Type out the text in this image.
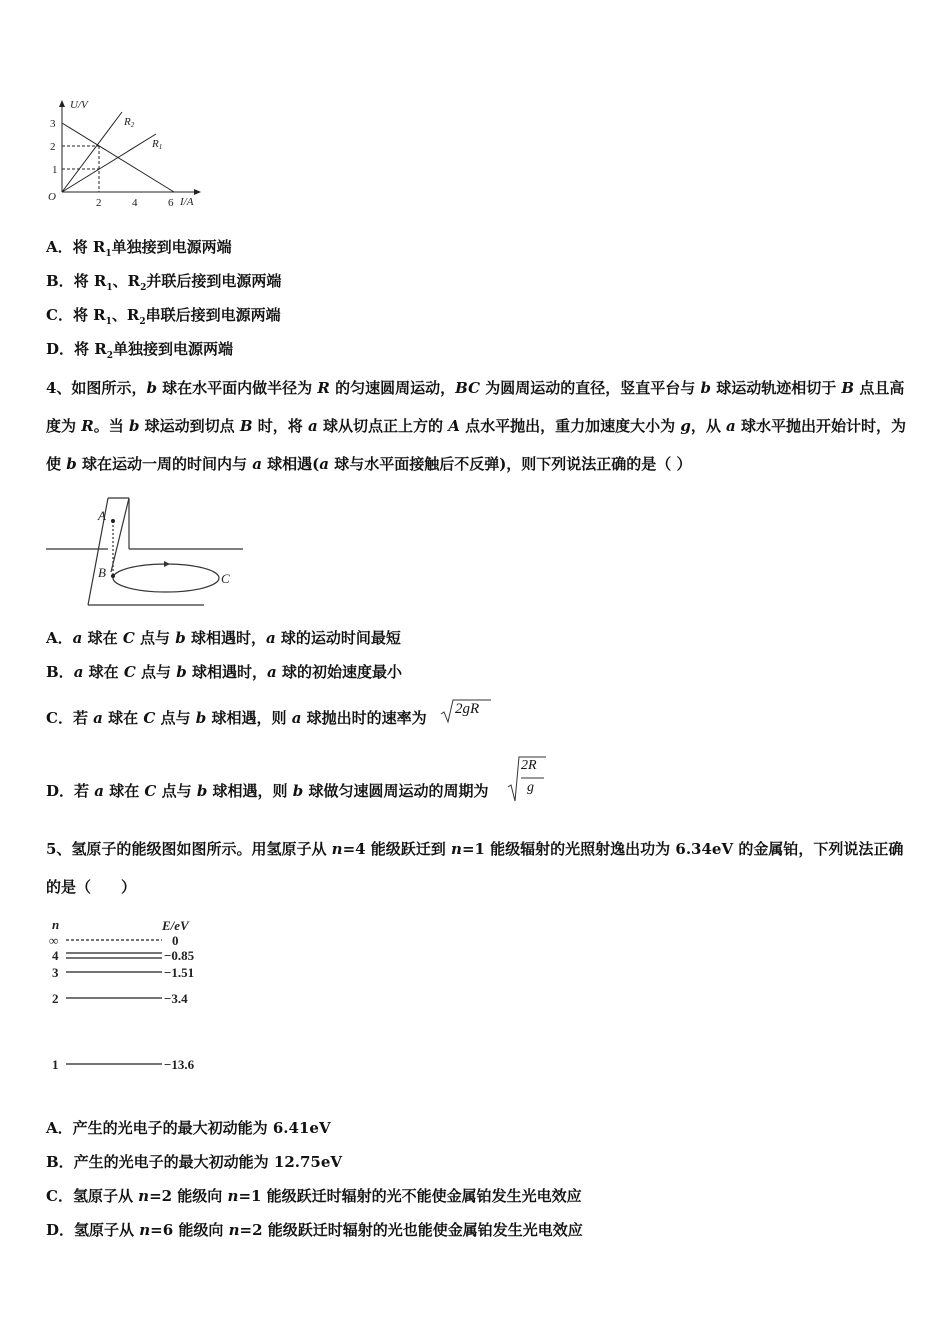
U/V
3
2
1
O	2	4	6 I/A
R2
R1
A．将 $R_1$单独接到电源两端
B．将 $R_1$、$R_2$并联后接到电源两端
C．将 $R_1$、$R_2$串联后接到电源两端
D．将 $R_2$单独接到电源两端
4、如图所示，b 球在水平面内做半径为 R 的匀速圆周运动，BC 为圆周运动的直径，竖直平台与 b 球运动轨迹相切于 B 点且高度为 R。当 b 球运动到切点 B 时，将 a 球从切点正上方的 A 点水平抛出，重力加速度大小为 g，从 a 球水平抛出开始计时，为使 b 球在运动一周的时间内与 a 球相遇(a 球与水平面接触后不反弹)，则下列说法正确的是（ ）
A
B	C
A．a 球在 C 点与 b 球相遇时，a 球的运动时间最短
B．a 球在 C 点与 b 球相遇时，a 球的初始速度最小
C．若 a 球在 C 点与 b 球相遇，则 a 球抛出时的速率为 2gR
D．若 a 球在 C 点与 b 球相遇，则 b 球做匀速圆周运动的周期为
2R
g
5、氢原子的能级图如图所示。用氢原子从 n=4 能级跃迁到 n=1 能级辐射的光照射逸出功为 6.34eV 的金属铂，下列说法正确的是（　　）
n	E/eV
∞	0
4	−0.85
3	−1.51
2	−3.4
1	−13.6
A．产生的光电子的最大初动能为 6.41eV
B．产生的光电子的最大初动能为 12.75eV
C．氢原子从 n=2 能级向 n=1 能级跃迁时辐射的光不能使金属铂发生光电效应
D．氢原子从 n=6 能级向 n=2 能级跃迁时辐射的光也能使金属铂发生光电效应
